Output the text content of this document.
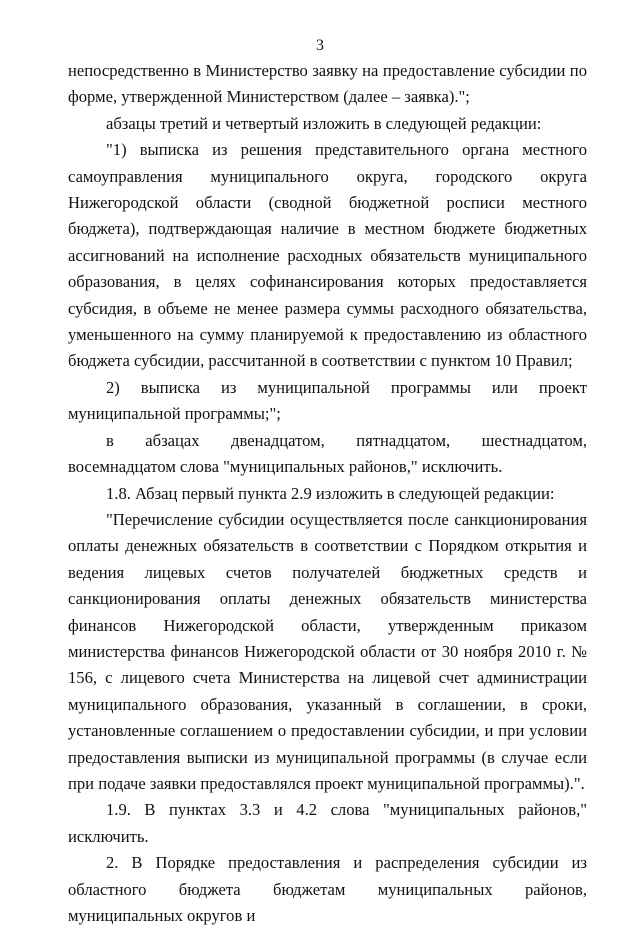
3

непосредственно в Министерство заявку на предоставление субсидии по форме, утвержденной Министерством (далее – заявка).";

абзацы третий и четвертый изложить в следующей редакции:

"1) выписка из решения представительного органа местного самоуправления муниципального округа, городского округа Нижегородской области (сводной бюджетной росписи местного бюджета), подтверждающая наличие в местном бюджете бюджетных ассигнований на исполнение расходных обязательств муниципального образования, в целях софинансирования которых предоставляется субсидия, в объеме не менее размера суммы расходного обязательства, уменьшенного на сумму планируемой к предоставлению из областного бюджета субсидии, рассчитанной в соответствии с пунктом 10 Правил;

2) выписка из муниципальной программы или проект муниципальной программы;";

в абзацах двенадцатом, пятнадцатом, шестнадцатом, восемнадцатом слова "муниципальных районов," исключить.

1.8. Абзац первый пункта 2.9 изложить в следующей редакции:

"Перечисление субсидии осуществляется после санкционирования оплаты денежных обязательств в соответствии с Порядком открытия и ведения лицевых счетов получателей бюджетных средств и санкционирования оплаты денежных обязательств министерства финансов Нижегородской области, утвержденным приказом министерства финансов Нижегородской области от 30 ноября 2010 г. № 156, с лицевого счета Министерства на лицевой счет администрации муниципального образования, указанный в соглашении, в сроки, установленные соглашением о предоставлении субсидии, и при условии предоставления выписки из муниципальной программы (в случае если при подаче заявки предоставлялся проект муниципальной программы).".

1.9. В пунктах 3.3 и 4.2 слова "муниципальных районов," исключить.

2. В Порядке предоставления и распределения субсидии из областного бюджета бюджетам муниципальных районов, муниципальных округов и
